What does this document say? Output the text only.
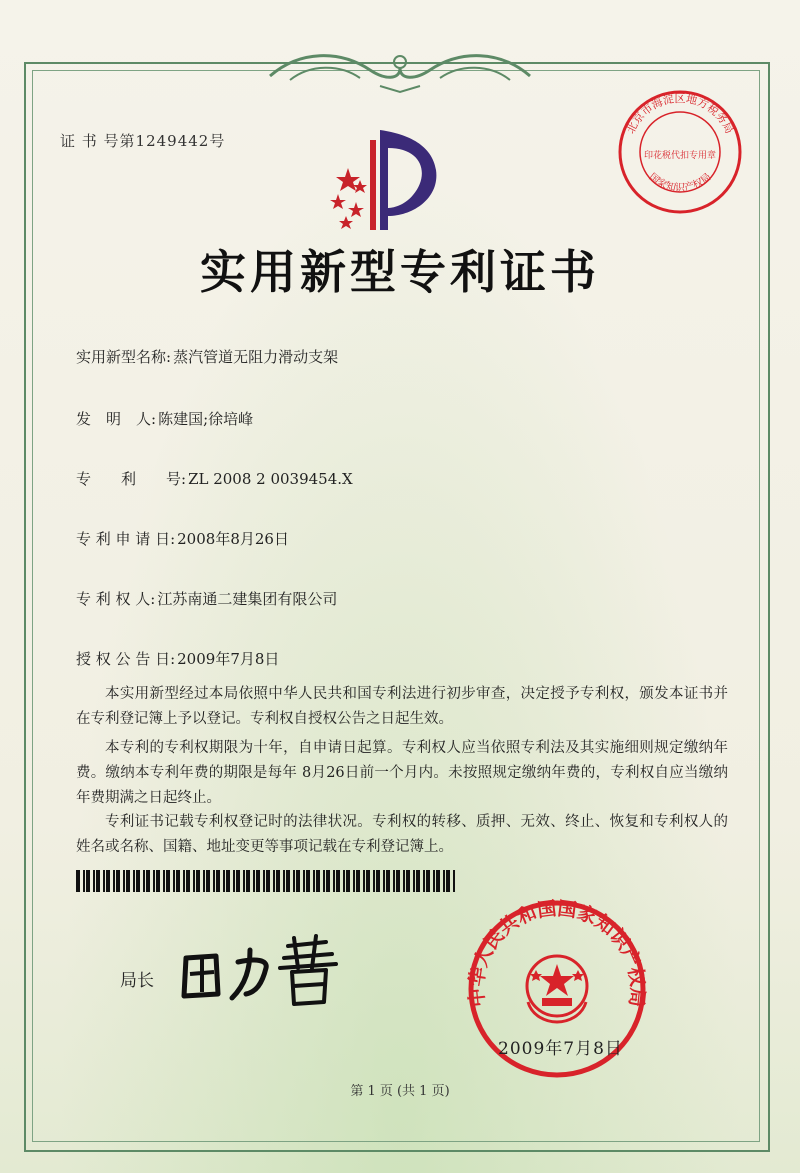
证 书 号第1249442号
北京市海淀区地方税务局
国家知识产权局
印花税代扣专用章
实用新型专利证书
实用新型名称: 蒸汽管道无阻力滑动支架
发　明　人: 陈建国;徐培峰
专　　利　　号: ZL 2008 2 0039454.X
专 利 申 请 日: 2008年8月26日
专 利 权 人: 江苏南通二建集团有限公司
授 权 公 告 日: 2009年7月8日
本实用新型经过本局依照中华人民共和国专利法进行初步审查，决定授予专利权，颁发本证书并在专利登记簿上予以登记。专利权自授权公告之日起生效。
本专利的专利权期限为十年，自申请日起算。专利权人应当依照专利法及其实施细则规定缴纳年费。缴纳本专利年费的期限是每年 8月26日前一个月内。未按照规定缴纳年费的，专利权自应当缴纳年费期满之日起终止。
专利证书记载专利权登记时的法律状况。专利权的转移、质押、无效、终止、恢复和专利权人的姓名或名称、国籍、地址变更等事项记载在专利登记簿上。
局长
中华人民共和国国家知识产权局
2009年7月8日
第 1 页 (共 1 页)
